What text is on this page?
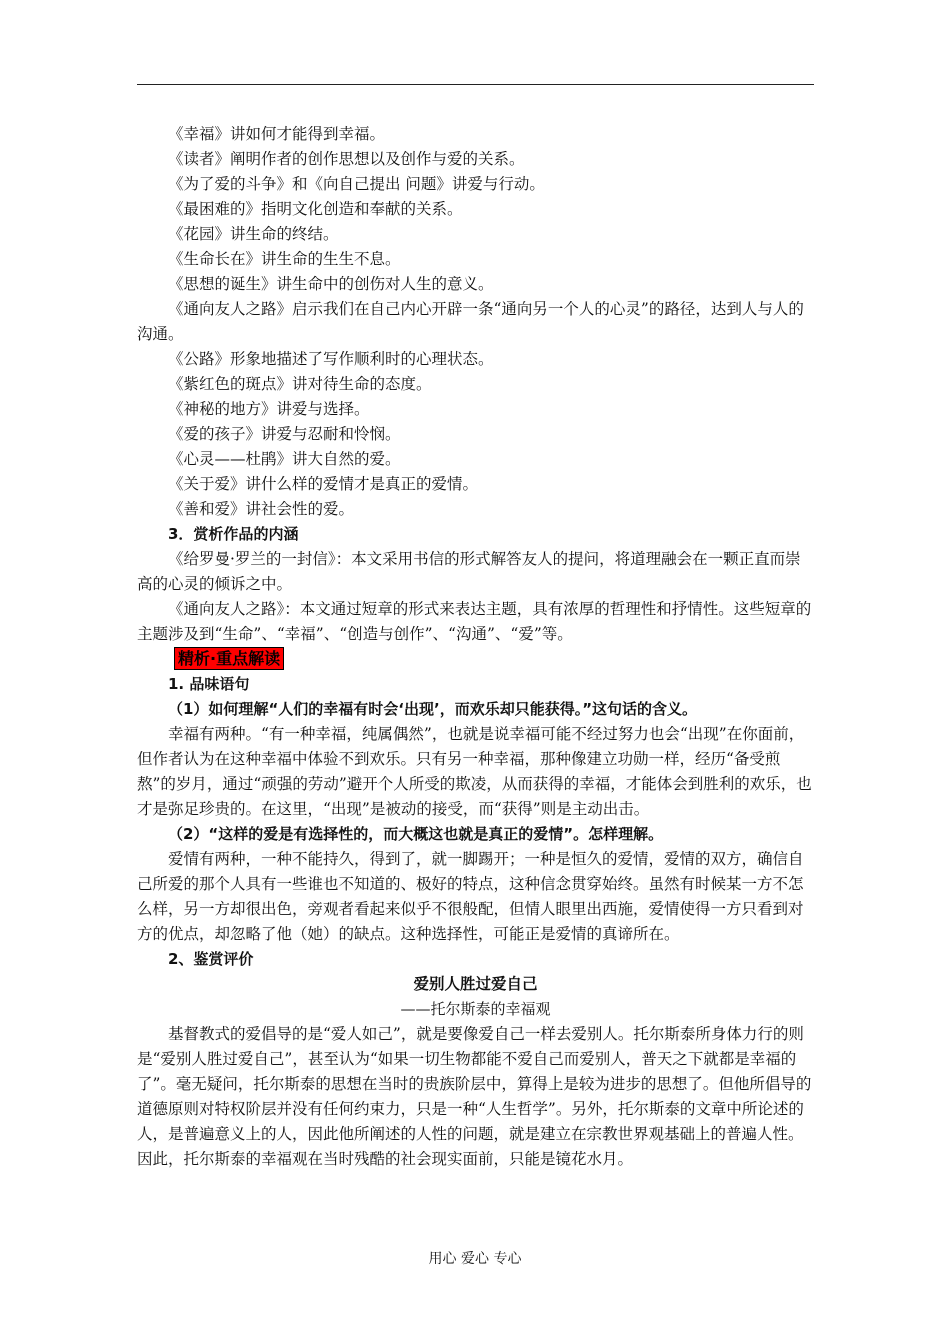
《幸福》讲如何才能得到幸福。

《读者》阐明作者的创作思想以及创作与爱的关系。

《为了爱的斗争》和《向自己提出 问题》讲爱与行动。

《最困难的》指明文化创造和奉献的关系。

《花园》讲生命的终结。

《生命长在》讲生命的生生不息。

《思想的诞生》讲生命中的创伤对人生的意义。

《通向友人之路》启示我们在自己内心开辟一条“通向另一个人的心灵”的路径，达到人与人的沟通。

《公路》形象地描述了写作顺利时的心理状态。

《紫红色的斑点》讲对待生命的态度。

《神秘的地方》讲爱与选择。

《爱的孩子》讲爱与忍耐和怜悯。

《心灵——杜鹃》讲大自然的爱。

《关于爱》讲什么样的爱情才是真正的爱情。

《善和爱》讲社会性的爱。

3．赏析作品的内涵

《给罗曼·罗兰的一封信》：本文采用书信的形式解答友人的提问，将道理融会在一颗正直而崇高的心灵的倾诉之中。

《通向友人之路》：本文通过短章的形式来表达主题，具有浓厚的哲理性和抒情性。这些短章的主题涉及到“生命”、“幸福”、“创造与创作”、“沟通”、“爱”等。

精析·重点解读

1. 品味语句

（1）如何理解“人们的幸福有时会‘出现’，而欢乐却只能获得。”这句话的含义。

幸福有两种。“有一种幸福，纯属偶然”，也就是说幸福可能不经过努力也会“出现”在你面前，但作者认为在这种幸福中体验不到欢乐。只有另一种幸福，那种像建立功勋一样，经历“备受煎熬”的岁月，通过“顽强的劳动”避开个人所受的欺凌，从而获得的幸福，才能体会到胜利的欢乐，也才是弥足珍贵的。在这里，“出现”是被动的接受，而“获得”则是主动出击。

（2）“这样的爱是有选择性的，而大概这也就是真正的爱情”。怎样理解。

爱情有两种，一种不能持久，得到了，就一脚踢开；一种是恒久的爱情，爱情的双方，确信自己所爱的那个人具有一些谁也不知道的、极好的特点，这种信念贯穿始终。虽然有时候某一方不怎么样，另一方却很出色，旁观者看起来似乎不很般配，但情人眼里出西施，爱情使得一方只看到对方的优点，却忽略了他（她）的缺点。这种选择性，可能正是爱情的真谛所在。

2、鉴赏评价

爱别人胜过爱自己

——托尔斯泰的幸福观

基督教式的爱倡导的是“爱人如己”，就是要像爱自己一样去爱别人。托尔斯泰所身体力行的则是“爱别人胜过爱自己”，甚至认为“如果一切生物都能不爱自己而爱别人，普天之下就都是幸福的了”。毫无疑问，托尔斯泰的思想在当时的贵族阶层中，算得上是较为进步的思想了。但他所倡导的道德原则对特权阶层并没有任何约束力，只是一种“人生哲学”。另外，托尔斯泰的文章中所论述的人，是普遍意义上的人，因此他所阐述的人性的问题，就是建立在宗教世界观基础上的普遍人性。因此，托尔斯泰的幸福观在当时残酷的社会现实面前，只能是镜花水月。

用心 爱心 专心
